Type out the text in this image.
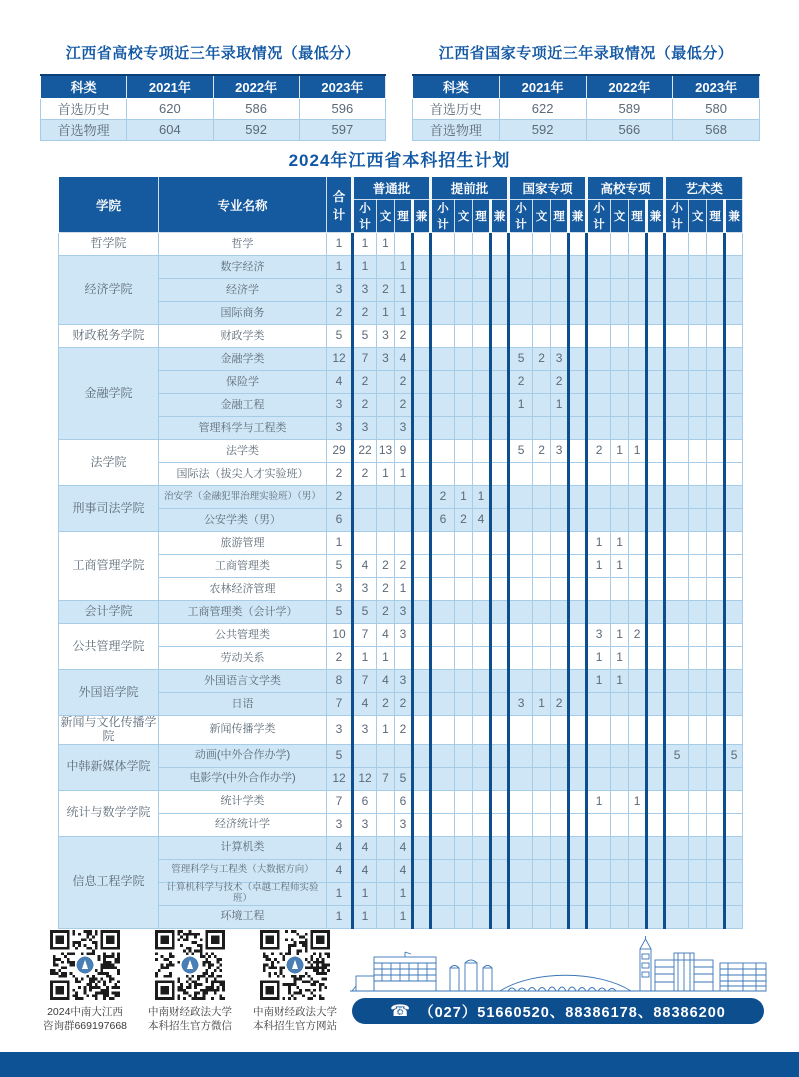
江西省高校专项近三年录取情况（最低分）
科类	2021年	2022年	2023年
首选历史	620	586	596
首选物理	604	592	597
江西省国家专项近三年录取情况（最低分）
科类	2021年	2022年	2023年
首选历史	622	589	580
首选物理	592	566	568
2024年江西省本科招生计划
学院	专业名称	合计	普通批				提前批				国家专项				高校专项				艺术类			
			小计	文	理	兼	小计	文	理	兼	小计	文	理	兼	小计	文	理	兼	小计	文	理	兼
哲学院	哲学	1	1	1																		
经济学院	数字经济	1	1		1																	
	经济学	3	3	2	1																	
	国际商务	2	2	1	1																	
财政税务学院	财政学类	5	5	3	2																	
金融学院	金融学类	12	7	3	4						5	2	3									
	保险学	4	2		2						2		2									
	金融工程	3	2		2						1		1									
	管理科学与工程类	3	3		3																	
法学院	法学类	29	22	13	9						5	2	3		2	1	1					
	国际法（拔尖人才实验班）	2	2	1	1																	
刑事司法学院	治安学（金融犯罪治理实验班）（男）	2					2	1	1													
	公安学类（男）	6					6	2	4													
工商管理学院	旅游管理	1													1	1						
	工商管理类	5	4	2	2										1	1						
	农林经济管理	3	3	2	1																	
会计学院	工商管理类（会计学）	5	5	2	3																	
公共管理学院	公共管理类	10	7	4	3										3	1	2					
	劳动关系	2	1	1											1	1						
外国语学院	外国语言文学类	8	7	4	3										1	1						
	日语	7	4	2	2						3	1	2									
新闻与文化传播学院	新闻传播学类	3	3	1	2																	
中韩新媒体学院	动画(中外合作办学)	5																	5			5
	电影学(中外合作办学)	12	12	7	5																	
统计与数学学院	统计学类	7	6		6										1		1					
	经济统计学	3	3		3																	
信息工程学院	计算机类	4	4		4																	
	管理科学与工程类（大数据方向）	4	4		4																	
	计算机科学与技术（卓越工程师实验班）	1	1		1																	
	环境工程	1	1		1																	
2024中南大江西
咨询群669197668
中南财经政法大学
本科招生官方微信
中南财经政法大学
本科招生官方网站
☎ （027）51660520、88386178、88386200
